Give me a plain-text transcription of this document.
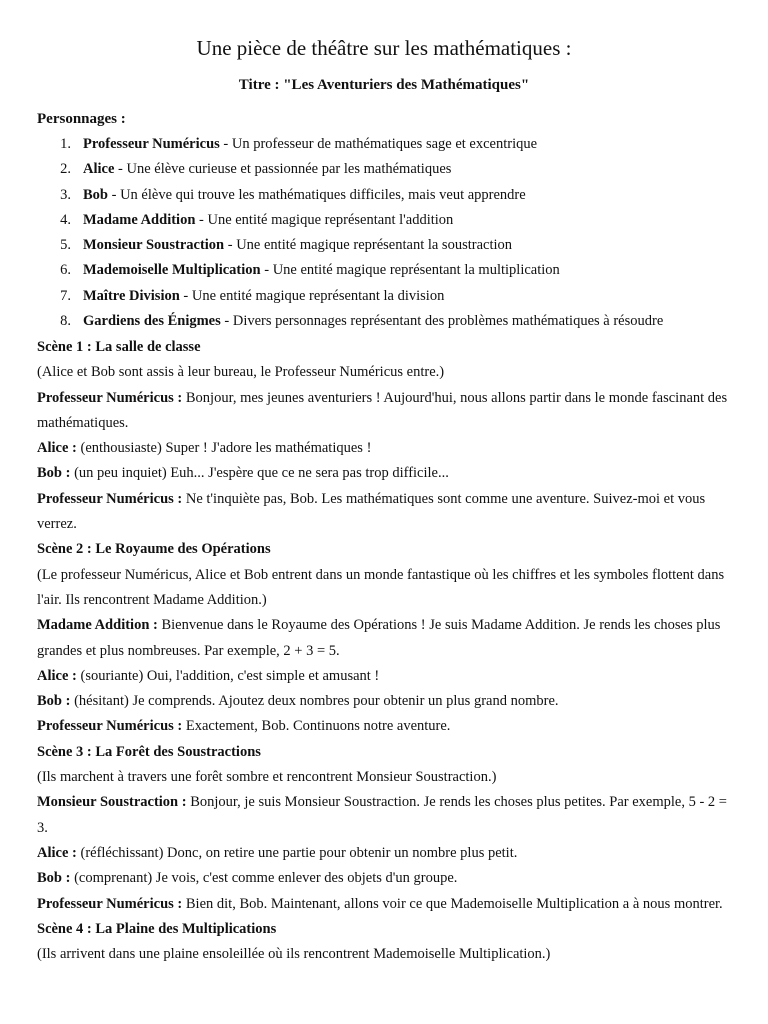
Une pièce de théâtre sur les mathématiques :
Titre : "Les Aventuriers des Mathématiques"
Personnages :
1. Professeur Numéricus - Un professeur de mathématiques sage et excentrique
2. Alice - Une élève curieuse et passionnée par les mathématiques
3. Bob - Un élève qui trouve les mathématiques difficiles, mais veut apprendre
4. Madame Addition - Une entité magique représentant l'addition
5. Monsieur Soustraction - Une entité magique représentant la soustraction
6. Mademoiselle Multiplication - Une entité magique représentant la multiplication
7. Maître Division - Une entité magique représentant la division
8. Gardiens des Énigmes - Divers personnages représentant des problèmes mathématiques à résoudre
Scène 1 : La salle de classe
(Alice et Bob sont assis à leur bureau, le Professeur Numéricus entre.)
Professeur Numéricus : Bonjour, mes jeunes aventuriers ! Aujourd'hui, nous allons partir dans le monde fascinant des mathématiques.
Alice : (enthousiaste) Super ! J'adore les mathématiques !
Bob : (un peu inquiet) Euh... J'espère que ce ne sera pas trop difficile...
Professeur Numéricus : Ne t'inquiète pas, Bob. Les mathématiques sont comme une aventure. Suivez-moi et vous verrez.
Scène 2 : Le Royaume des Opérations
(Le professeur Numéricus, Alice et Bob entrent dans un monde fantastique où les chiffres et les symboles flottent dans l'air. Ils rencontrent Madame Addition.)
Madame Addition : Bienvenue dans le Royaume des Opérations ! Je suis Madame Addition. Je rends les choses plus grandes et plus nombreuses. Par exemple, 2 + 3 = 5.
Alice : (souriante) Oui, l'addition, c'est simple et amusant !
Bob : (hésitant) Je comprends. Ajoutez deux nombres pour obtenir un plus grand nombre.
Professeur Numéricus : Exactement, Bob. Continuons notre aventure.
Scène 3 : La Forêt des Soustractions
(Ils marchent à travers une forêt sombre et rencontrent Monsieur Soustraction.)
Monsieur Soustraction : Bonjour, je suis Monsieur Soustraction. Je rends les choses plus petites. Par exemple, 5 - 2 = 3.
Alice : (réfléchissant) Donc, on retire une partie pour obtenir un nombre plus petit.
Bob : (comprenant) Je vois, c'est comme enlever des objets d'un groupe.
Professeur Numéricus : Bien dit, Bob. Maintenant, allons voir ce que Mademoiselle Multiplication a à nous montrer.
Scène 4 : La Plaine des Multiplications
(Ils arrivent dans une plaine ensoleillée où ils rencontrent Mademoiselle Multiplication.)
